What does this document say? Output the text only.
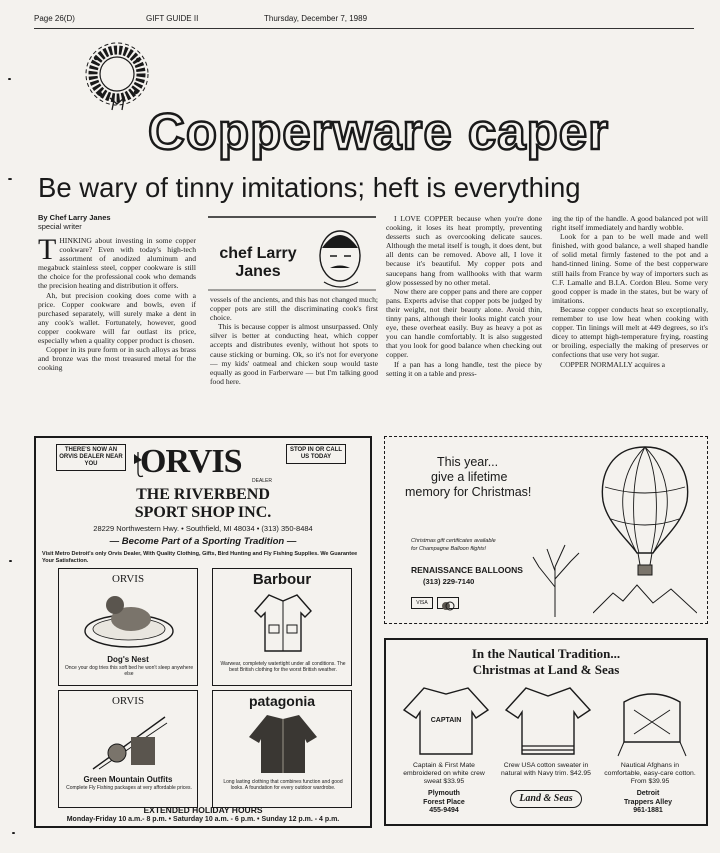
Page 26(D)	GIFT GUIDE II	Thursday, December 7, 1989
Copperware caper
Be wary of tinny imitations; heft is everything
By Chef Larry Janes
special writer
T HINKING about investing in some copper cookware? Even with today's high-tech assortment of anodized aluminum and megabuck stainless steel, copper cookware is still the choice for the professional cook who demands the precision heating and distribution it offers.

Ah, but precision cooking does come with a price. Copper cookware and bowls, even if purchased separately, will surely make a dent in any cook's wallet. Fortunately, however, good copper cookware will far outlast its price, especially when a quality copper product is chosen.

Copper in its pure form or in such alloys as brass and bronze was the most treasured metal for the cooking

chef Larry
Janes

vessels of the ancients, and this has not changed much; copper pots are still the discriminating cook's first choice.

This is because copper is almost unsurpassed. Only silver is better at conducting heat, which copper accepts and distributes evenly, without hot spots to cause sticking or burning. Ok, so it's not for everyone — my kids' oatmeal and chicken soup would taste equally as good in Farberware — but I'm talking good food here.

I LOVE COPPER because when you're done cooking, it loses its heat promptly, preventing desserts such as overcooking delicate sauces. Although the metal itself is tough, it does dent, but all dents can be removed. Above all, I love it because it's beautiful. My copper pots and saucepans hang from wallhooks with that warm glow possessed by no other metal.

Now there are copper pans and there are copper pans. Experts advise that copper pots be judged by their weight, not their beauty alone. Avoid thin, tinny pans, although their looks might catch your eye, these overheat easily. Buy as heavy a pot as you can handle comfortably. It is also suggested that you look for good balance when checking out copper.

If a pan has a long handle, test the piece by setting it on a table and press-

ing the tip of the handle. A good balanced pot will right itself immediately and hardly wobble.

Look for a pan to be well made and well finished, with good balance, a well shaped handle of solid metal firmly fastened to the pot and a hand-tinned lining. Some of the best copperware still hails from France by way of importers such as C.F. Lamalle and B.I.A. Cordon Bleu. Some very good copper is made in the states, but be wary of imitations.

Because copper conducts heat so exceptionally, remember to use low heat when cooking with copper. Tin linings will melt at 449 degrees, so it's dicey to attempt high-temperature frying, roasting or broiling, especially the making of preserves or confections that use very hot sugar.

COPPER NORMALLY acquires a

THERE'S NOW AN ORVIS DEALER NEAR YOU
STOP IN OR CALL US TODAY
ORVIS
DEALER
THE RIVERBEND
SPORT SHOP INC.
28229 Northwestern Hwy. • Southfield, MI 48034 • (313) 350-8484
— Become Part of a Sporting Tradition —
Visit Metro Detroit's only Orvis Dealer, With Quality Clothing, Gifts, Bird Hunting and Fly Fishing Supplies. We Guarantee Your Satisfaction.
ORVIS
Dog's Nest
Once your dog tries this soft bed he won't sleep anywhere else
Barbour
Warwear, completely watertight under all conditions. The best British clothing for the worst British weather.
ORVIS
Green Mountain Outfits
Complete Fly Fishing packages at very affordable prices.
patagonia
Long lasting clothing that combines function and good looks. A foundation for every outdoor wardrobe.
EXTENDED HOLIDAY HOURS
Monday-Friday 10 a.m.- 8 p.m. • Saturday 10 a.m. - 6 p.m. • Sunday 12 p.m. - 4 p.m.
This year...
give a lifetime
memory for Christmas!
Christmas gift certificates available
for Champagne Balloon flights!
RENAISSANCE BALLOONS
(313) 229-7140
VISA
In the Nautical Tradition...
Christmas at Land & Seas
CAPTAIN
Captain & First Mate embroidered on white crew sweat $33.95
Crew USA cotton sweater in natural with Navy trim. $42.95
Nautical Afghans in comfortable, easy-care cotton. From $39.95
Plymouth
Forest Place
455-9494
Land & Seas	Detroit
Trappers Alley
961-1881
